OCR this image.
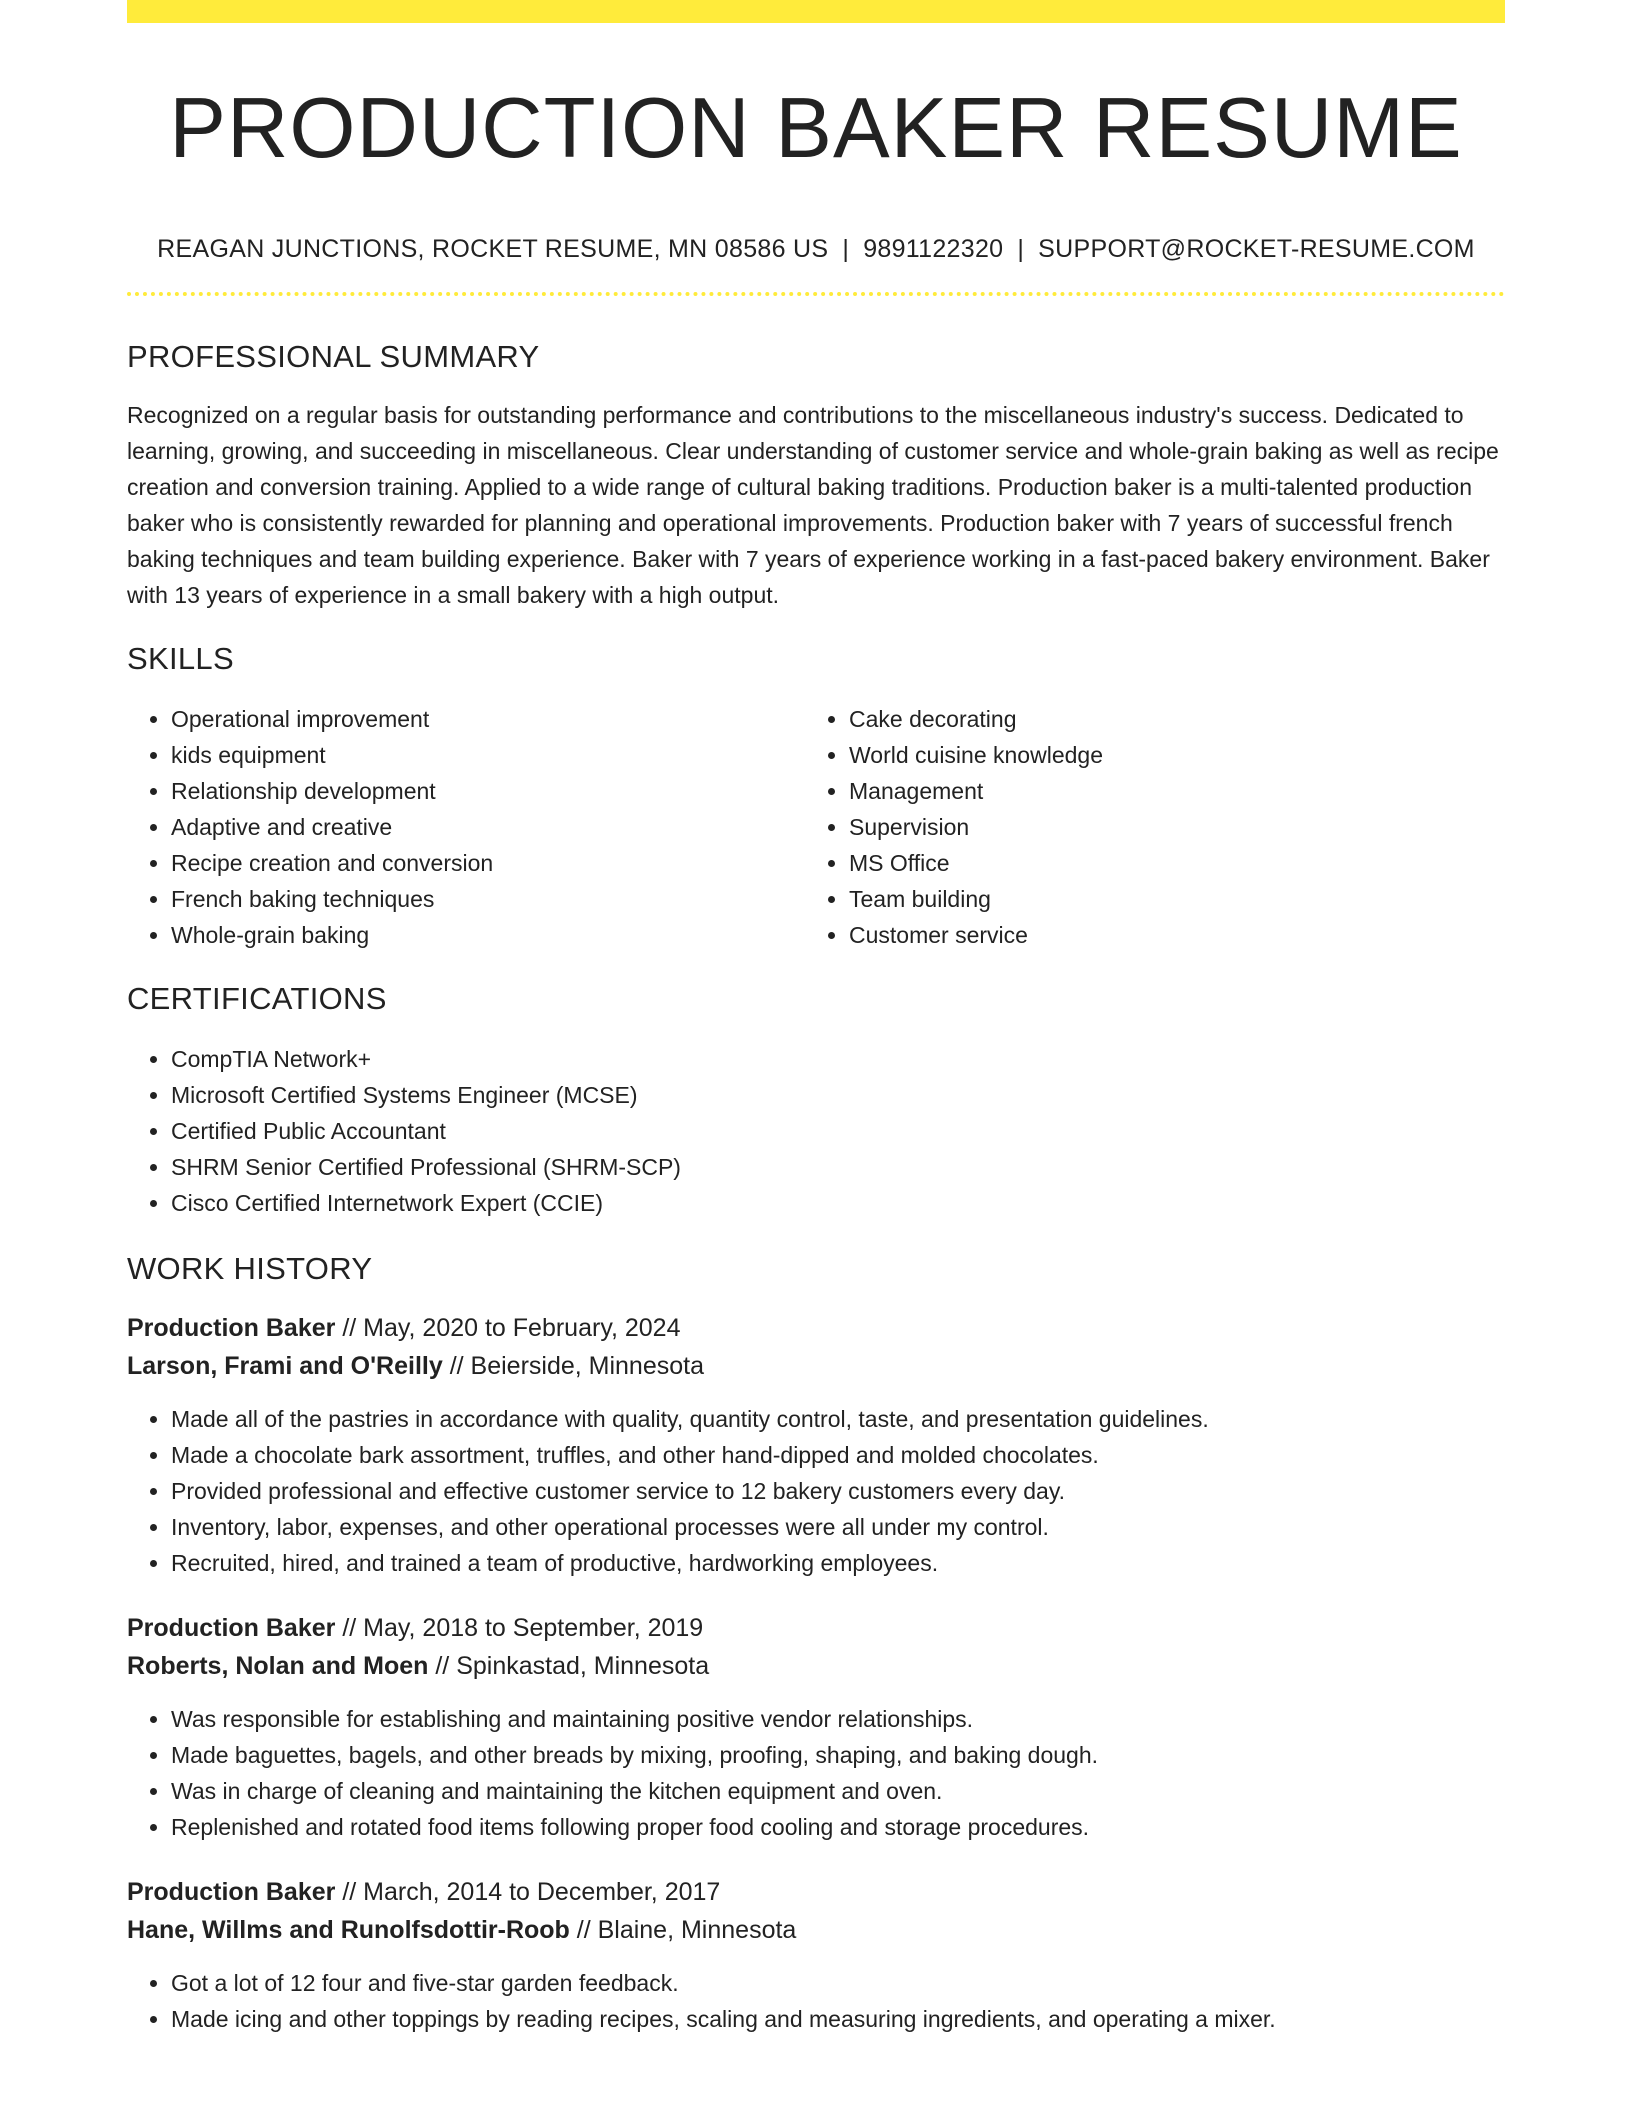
PRODUCTION BAKER RESUME
REAGAN JUNCTIONS, ROCKET RESUME, MN 08586 US | 9891122320 | SUPPORT@ROCKET-RESUME.COM
PROFESSIONAL SUMMARY

Recognized on a regular basis for outstanding performance and contributions to the miscellaneous industry's success. Dedicated to learning, growing, and succeeding in miscellaneous. Clear understanding of customer service and whole-grain baking as well as recipe creation and conversion training. Applied to a wide range of cultural baking traditions. Production baker is a multi-talented production baker who is consistently rewarded for planning and operational improvements. Production baker with 7 years of successful french baking techniques and team building experience. Baker with 7 years of experience working in a fast-paced bakery environment. Baker with 13 years of experience in a small bakery with a high output.

SKILLS
• Operational improvement
• kids equipment
• Relationship development
• Adaptive and creative
• Recipe creation and conversion
• French baking techniques
• Whole-grain baking
• Cake decorating
• World cuisine knowledge
• Management
• Supervision
• MS Office
• Team building
• Customer service
CERTIFICATIONS
• CompTIA Network+
• Microsoft Certified Systems Engineer (MCSE)
• Certified Public Accountant
• SHRM Senior Certified Professional (SHRM-SCP)
• Cisco Certified Internetwork Expert (CCIE)
WORK HISTORY
Production Baker // May, 2020 to February, 2024
Larson, Frami and O'Reilly // Beierside, Minnesota
• Made all of the pastries in accordance with quality, quantity control, taste, and presentation guidelines.
• Made a chocolate bark assortment, truffles, and other hand-dipped and molded chocolates.
• Provided professional and effective customer service to 12 bakery customers every day.
• Inventory, labor, expenses, and other operational processes were all under my control.
• Recruited, hired, and trained a team of productive, hardworking employees.
Production Baker // May, 2018 to September, 2019
Roberts, Nolan and Moen // Spinkastad, Minnesota
• Was responsible for establishing and maintaining positive vendor relationships.
• Made baguettes, bagels, and other breads by mixing, proofing, shaping, and baking dough.
• Was in charge of cleaning and maintaining the kitchen equipment and oven.
• Replenished and rotated food items following proper food cooling and storage procedures.
Production Baker // March, 2014 to December, 2017
Hane, Willms and Runolfsdottir-Roob // Blaine, Minnesota
• Got a lot of 12 four and five-star garden feedback.
• Made icing and other toppings by reading recipes, scaling and measuring ingredients, and operating a mixer.
